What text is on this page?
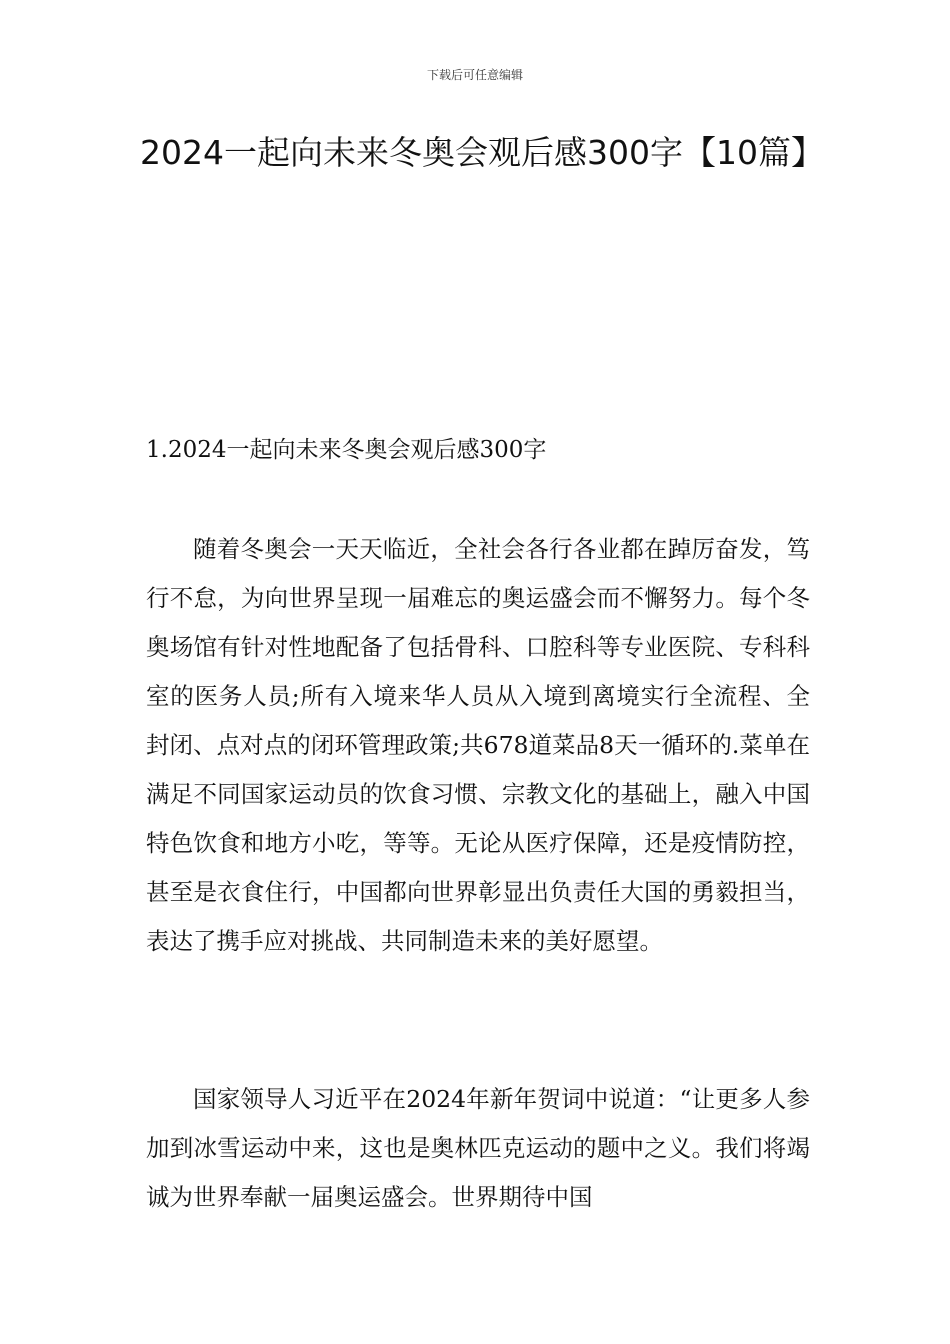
下载后可任意编辑
2024一起向未来冬奥会观后感300字【10篇】
1.2024一起向未来冬奥会观后感300字

随着冬奥会一天天临近，全社会各行各业都在踔厉奋发，笃行不怠，为向世界呈现一届难忘的奥运盛会而不懈努力。每个冬奥场馆有针对性地配备了包括骨科、口腔科等专业医院、专科科室的医务人员;所有入境来华人员从入境到离境实行全流程、全封闭、点对点的闭环管理政策;共678道菜品8天一循环的.菜单在满足不同国家运动员的饮食习惯、宗教文化的基础上，融入中国特色饮食和地方小吃，等等。无论从医疗保障，还是疫情防控，甚至是衣食住行，中国都向世界彰显出负责任大国的勇毅担当，表达了携手应对挑战、共同制造未来的美好愿望。

国家领导人习近平在2024年新年贺词中说道：“让更多人参加到冰雪运动中来，这也是奥林匹克运动的题中之义。我们将竭诚为世界奉献一届奥运盛会。世界期待中国
